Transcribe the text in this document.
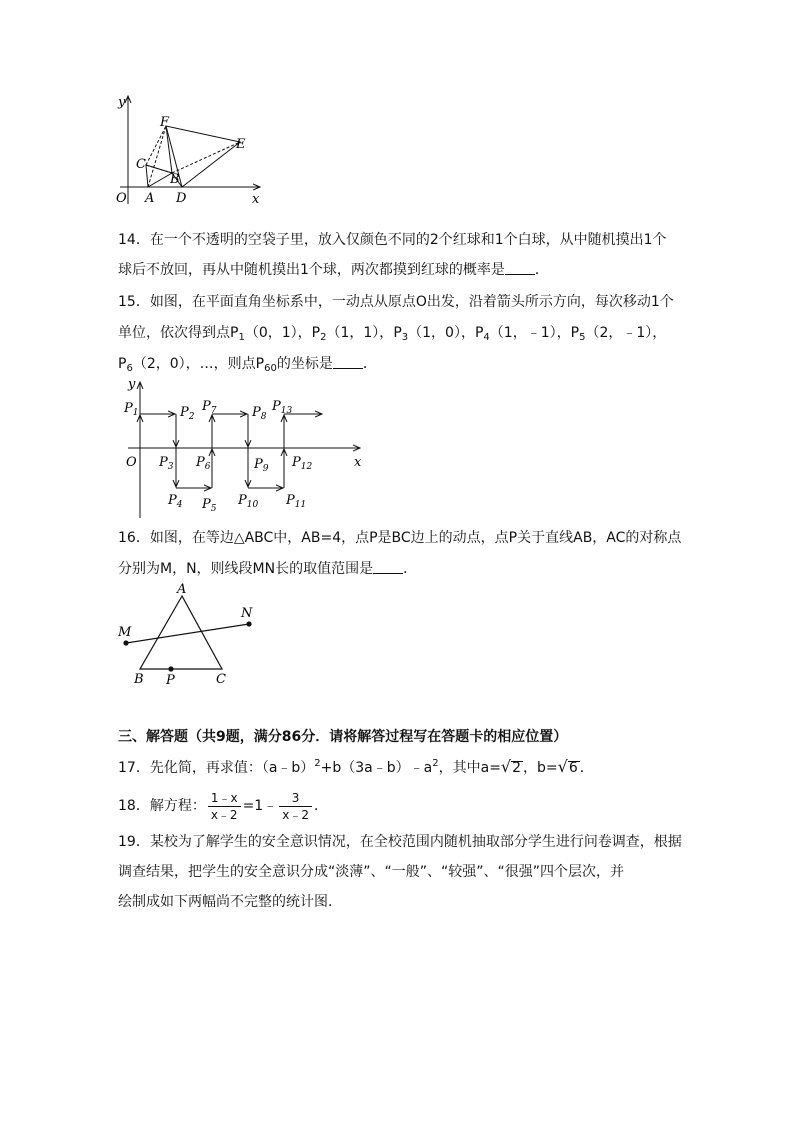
y
x
O A D
B
C
F
E
14．在一个不透明的空袋子里，放入仅颜色不同的2个红球和1个白球，从中随机摸出1个
球后不放回，再从中随机摸出1个球，两次都摸到红球的概率是 ．
15．如图，在平面直角坐标系中，一动点从原点O出发，沿着箭头所示方向，每次移动1个
单位，依次得到点$P_1(0$，1），$P_2(1$，1），$P_3(1$，0），$P_4(1$，﹣1），$P_5(2$，﹣1），
$P_6(2$，0），…，则点$P_{60}$的坐标是 ．
y
x
O
$P_1$	$P_2$
$P_3$
$P_4$ $P_5$
$P_6$
$P_7$	$P_8$
$P_9$
$P_{10}$ $P_{11}$
$P_{12}$
$P_{13}$
16．如图，在等边△ABC中，AB=4，点P是BC边上的动点，点P关于直线AB，AC的对称点
分别为M，N，则线段MN长的取值范围是 ．
A
B	C
P
M
N
三、解答题（共9题，满分86分．请将解答过程写在答题卡的相应位置）
17．先化简，再求值：$(a﹣b)^2+b(3a﹣b)﹣a^2$，其中a=√2 ，b=√6 ．
18．解方程： $\frac{1﹣x}{x﹣2}$ =1﹣ $\frac{3}{x﹣2}$ ．
19．某校为了解学生的安全意识情况，在全校范围内随机抽取部分学生进行问卷调查，根据
调查结果，把学生的安全意识分成“淡薄”、“一般”、“较强”、“很强”四个层次，并
绘制成如下两幅尚不完整的统计图．
